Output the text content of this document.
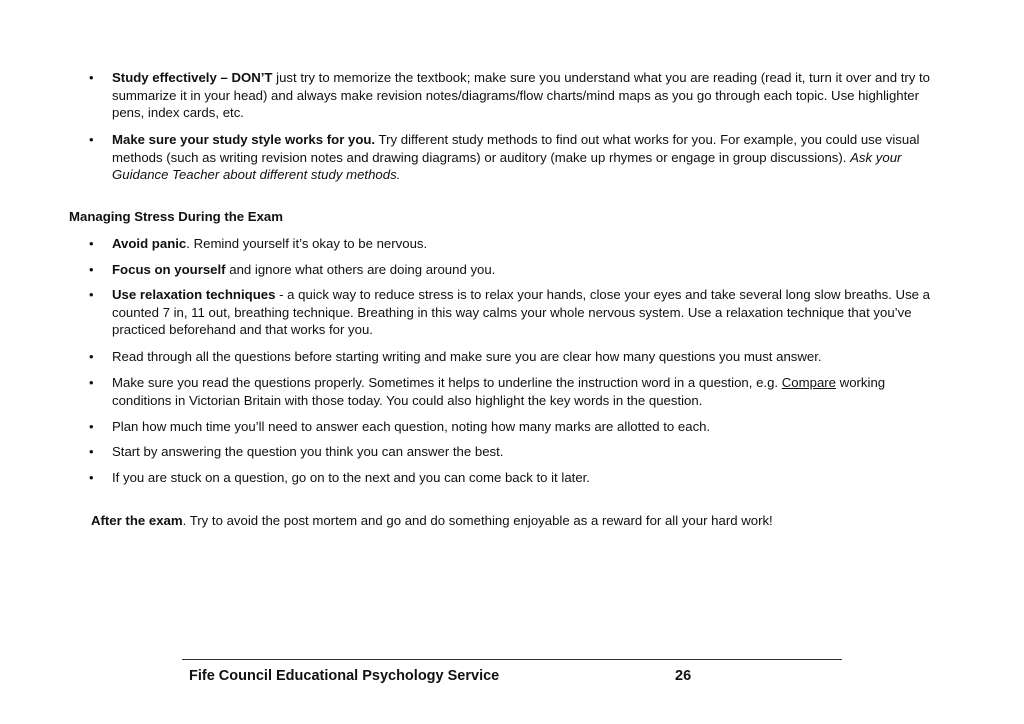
• Study effectively – DON’T just try to memorize the textbook; make sure you understand what you are reading (read it, turn it over and try to summarize it in your head) and always make revision notes/diagrams/flow charts/mind maps as you go through each topic. Use highlighter pens, index cards, etc.
• Make sure your study style works for you. Try different study methods to find out what works for you. For example, you could use visual methods (such as writing revision notes and drawing diagrams) or auditory (make up rhymes or engage in group discussions). Ask your Guidance Teacher about different study methods.
Managing Stress During the Exam
• Avoid panic. Remind yourself it’s okay to be nervous.
• Focus on yourself and ignore what others are doing around you.
• Use relaxation techniques - a quick way to reduce stress is to relax your hands, close your eyes and take several long slow breaths. Use a counted 7 in, 11 out, breathing technique. Breathing in this way calms your whole nervous system. Use a relaxation technique that you’ve practiced beforehand and that works for you.
• Read through all the questions before starting writing and make sure you are clear how many questions you must answer.
• Make sure you read the questions properly. Sometimes it helps to underline the instruction word in a question, e.g. Compare working conditions in Victorian Britain with those today. You could also highlight the key words in the question.
• Plan how much time you’ll need to answer each question, noting how many marks are allotted to each.
• Start by answering the question you think you can answer the best.
• If you are stuck on a question, go on to the next and you can come back to it later.
After the exam. Try to avoid the post mortem and go and do something enjoyable as a reward for all your hard work!
Fife Council Educational Psychology Service	26
